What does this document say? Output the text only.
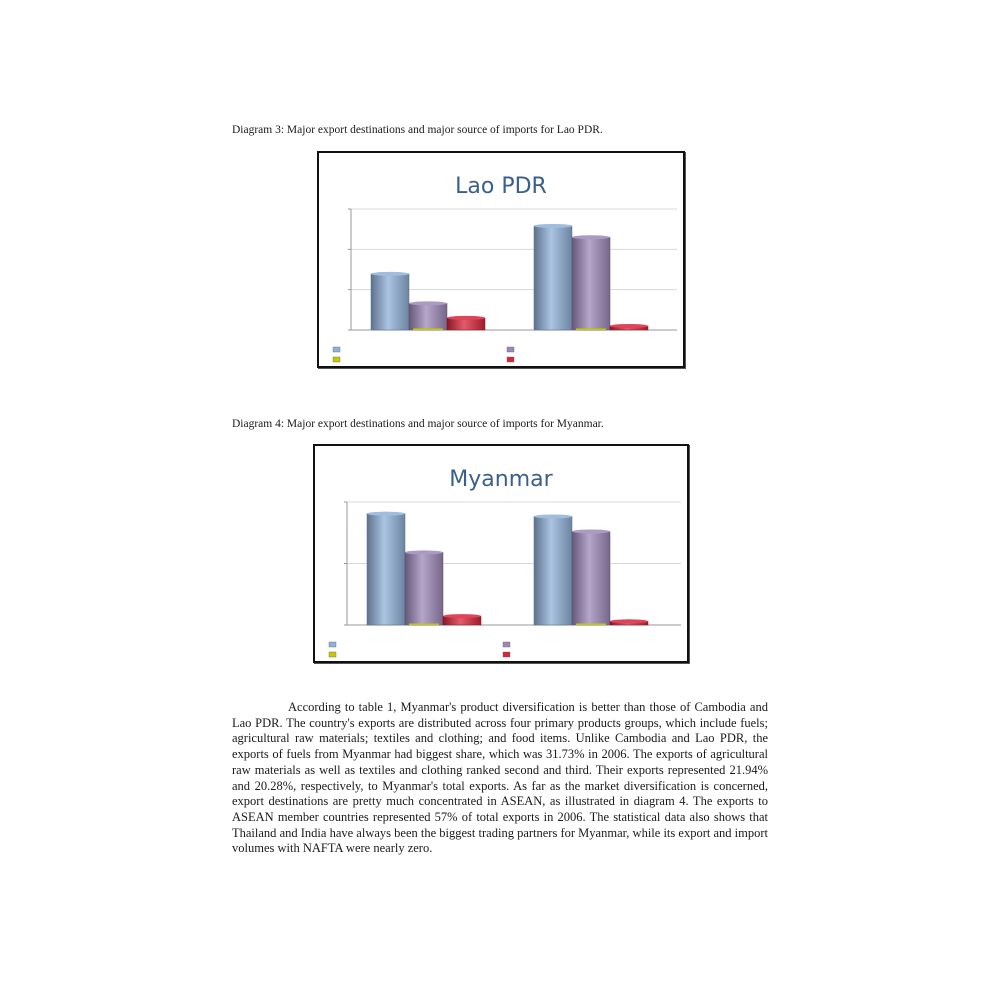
Diagram 3: Major export destinations and major source of imports for Lao PDR.
Lao PDR
Diagram 4: Major export destinations and major source of imports for Myanmar.
Myanmar

According to table 1, Myanmar's product diversification is better than those of Cambodia and Lao PDR. The country's exports are distributed across four primary products groups, which include fuels; agricultural raw materials; textiles and clothing; and food items. Unlike Cambodia and Lao PDR, the exports of fuels from Myanmar had biggest share, which was 31.73% in 2006. The exports of agricultural raw materials as well as textiles and clothing ranked second and third. Their exports represented 21.94% and 20.28%, respectively, to Myanmar's total exports. As far as the market diversification is concerned, export destinations are pretty much concentrated in ASEAN, as illustrated in diagram 4. The exports to ASEAN member countries represented 57% of total exports in 2006. The statistical data also shows that Thailand and India have always been the biggest trading partners for Myanmar, while its export and import volumes with NAFTA were nearly zero.
